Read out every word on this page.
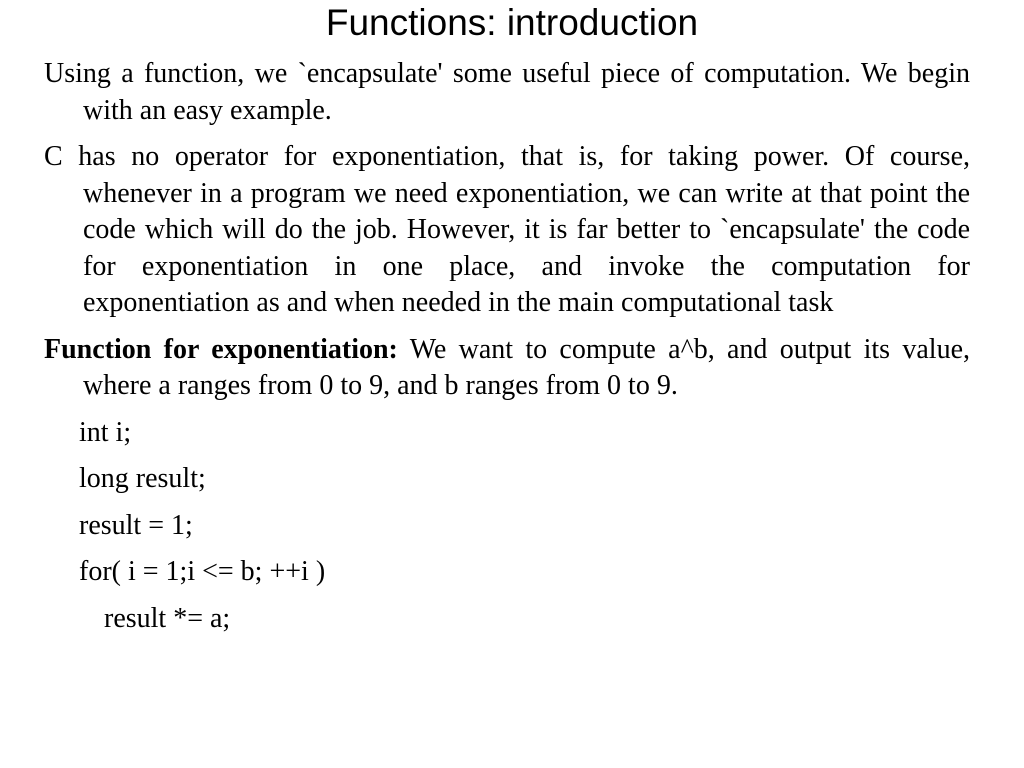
Functions: introduction

Using a function, we `encapsulate' some useful piece of computation. We begin with an easy example.

C has no operator for exponentiation, that is, for taking power. Of course, whenever in a program we need exponentiation, we can write at that point the code which will do the job. However, it is far better to `encapsulate' the code for exponentiation in one place, and invoke the computation for exponentiation as and when needed in the main computational task

Function for exponentiation: We want to compute a^b, and output its value, where a ranges from 0 to 9, and b ranges from 0 to 9.

int i;
long result;
result = 1;
for( i = 1;i <= b; ++i )
result *= a;
